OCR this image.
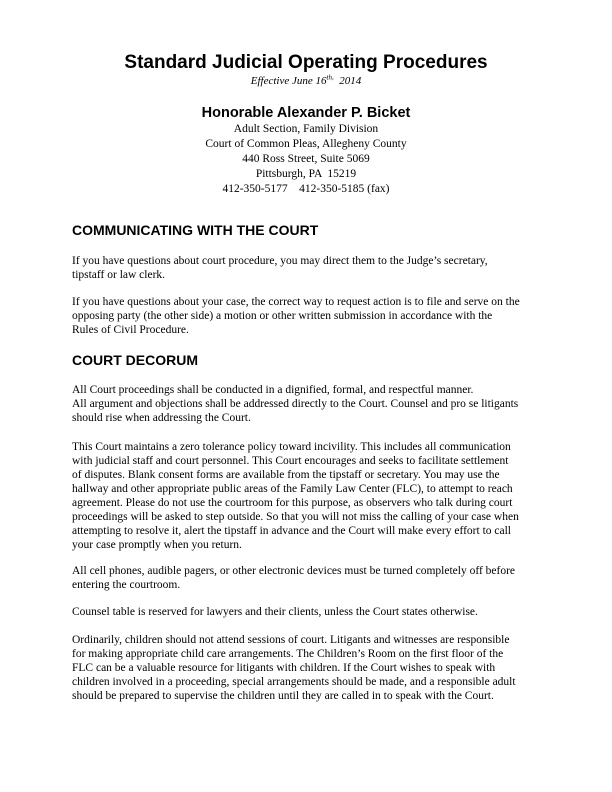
Standard Judicial Operating Procedures
Effective June $16^{th,}$  2014
Honorable Alexander P. Bicket
Adult Section, Family Division
Court of Common Pleas, Allegheny County
440 Ross Street, Suite 5069
Pittsburgh, PA  15219
412-350-5177    412-350-5185 (fax)
COMMUNICATING WITH THE COURT
If you have questions about court procedure, you may direct them to the Judge’s secretary,
tipstaff or law clerk.
If you have questions about your case, the correct way to request action is to file and serve on the
opposing party (the other side) a motion or other written submission in accordance with the
Rules of Civil Procedure.
COURT DECORUM
All Court proceedings shall be conducted in a dignified, formal, and respectful manner.
All argument and objections shall be addressed directly to the Court. Counsel and pro se litigants
should rise when addressing the Court.
This Court maintains a zero tolerance policy toward incivility. This includes all communication
with judicial staff and court personnel. This Court encourages and seeks to facilitate settlement
of disputes. Blank consent forms are available from the tipstaff or secretary. You may use the
hallway and other appropriate public areas of the Family Law Center (FLC), to attempt to reach
agreement. Please do not use the courtroom for this purpose, as observers who talk during court
proceedings will be asked to step outside. So that you will not miss the calling of your case when
attempting to resolve it, alert the tipstaff in advance and the Court will make every effort to call
your case promptly when you return.
All cell phones, audible pagers, or other electronic devices must be turned completely off before
entering the courtroom.
Counsel table is reserved for lawyers and their clients, unless the Court states otherwise.
Ordinarily, children should not attend sessions of court. Litigants and witnesses are responsible
for making appropriate child care arrangements. The Children’s Room on the first floor of the
FLC can be a valuable resource for litigants with children. If the Court wishes to speak with
children involved in a proceeding, special arrangements should be made, and a responsible adult
should be prepared to supervise the children until they are called in to speak with the Court.
